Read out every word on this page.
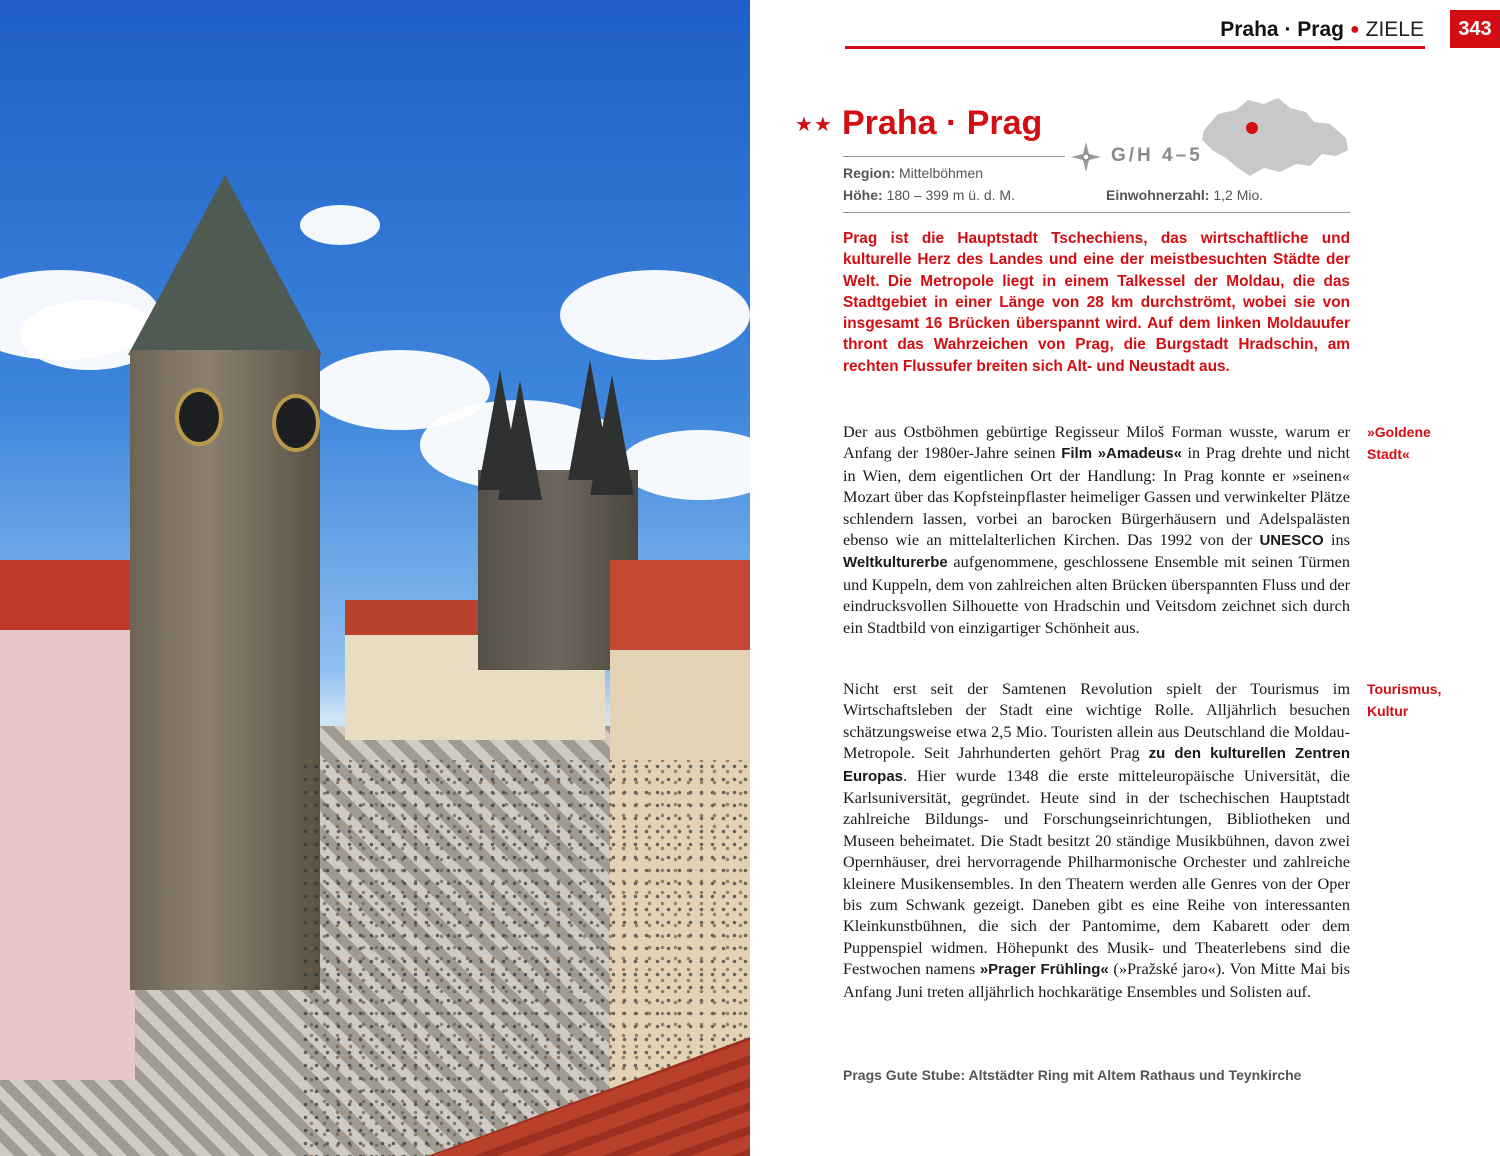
Praha · Prag ● ZIELE	343
★★ Praha · Prag
G/H 4–5
Region: Mittelböhmen
Höhe: 180 – 399 m ü. d. M.	Einwohnerzahl: 1,2 Mio.
Prag ist die Hauptstadt Tschechiens, das wirtschaftliche und kulturelle Herz des Landes und eine der meistbesuchten Städte der Welt. Die Metropole liegt in einem Talkessel der Moldau, die das Stadtgebiet in einer Länge von 28 km durchströmt, wobei sie von insgesamt 16 Brücken überspannt wird. Auf dem linken Moldauufer thront das Wahrzeichen von Prag, die Burgstadt Hradschin, am rechten Flussufer breiten sich Alt- und Neustadt aus.
Der aus Ostböhmen gebürtige Regisseur Miloš Forman wusste, warum er Anfang der 1980er-Jahre seinen Film »Amadeus« in Prag drehte und nicht in Wien, dem eigentlichen Ort der Handlung: In Prag konnte er »seinen« Mozart über das Kopfsteinpflaster heimeliger Gassen und verwinkelter Plätze schlendern lassen, vorbei an barocken Bürgerhäusern und Adelspalästen ebenso wie an mittelalterlichen Kirchen. Das 1992 von der UNESCO ins Weltkulturerbe aufgenommene, geschlossene Ensemble mit seinen Türmen und Kuppeln, dem von zahlreichen alten Brücken überspannten Fluss und der eindrucksvollen Silhouette von Hradschin und Veitsdom zeichnet sich durch ein Stadtbild von einzigartiger Schönheit aus.
»Goldene
Stadt«
Nicht erst seit der Samtenen Revolution spielt der Tourismus im Wirtschaftsleben der Stadt eine wichtige Rolle. Alljährlich besuchen schätzungsweise etwa 2,5 Mio. Touristen allein aus Deutschland die Moldau-Metropole. Seit Jahrhunderten gehört Prag zu den kulturellen Zentren Europas. Hier wurde 1348 die erste mitteleuropäische Universität, die Karlsuniversität, gegründet. Heute sind in der tschechischen Hauptstadt zahlreiche Bildungs- und Forschungseinrichtungen, Bibliotheken und Museen beheimatet. Die Stadt besitzt 20 ständige Musikbühnen, davon zwei Opernhäuser, drei hervorragende Philharmonische Orchester und zahlreiche kleinere Musikensembles. In den Theatern werden alle Genres von der Oper bis zum Schwank gezeigt. Daneben gibt es eine Reihe von interessanten Kleinkunstbühnen, die sich der Pantomime, dem Kabarett oder dem Puppenspiel widmen. Höhepunkt des Musik- und Theaterlebens sind die Festwochen namens »Prager Frühling« (»Pražské jaro«). Von Mitte Mai bis Anfang Juni treten alljährlich hochkarätige Ensembles und Solisten auf.
Tourismus,
Kultur
Prags Gute Stube: Altstädter Ring mit Altem Rathaus und Teynkirche
